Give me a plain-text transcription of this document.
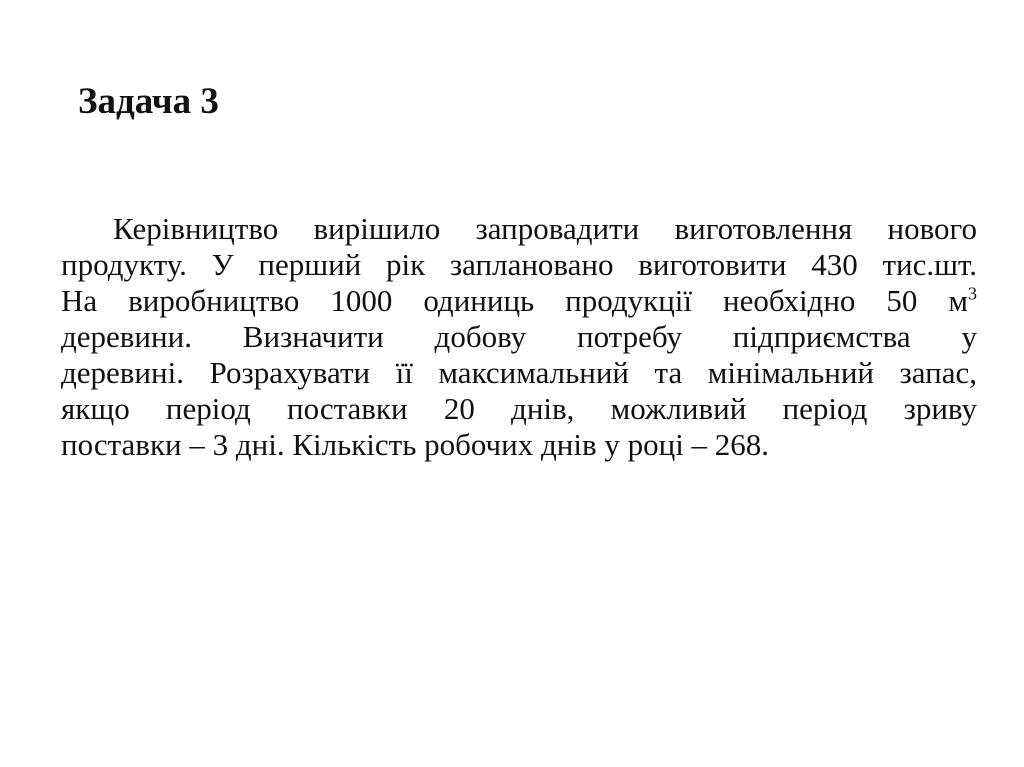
Задача 3
Керівництво вирішило запровадити виготовлення нового
продукту. У перший рік заплановано виготовити 430 тис.шт.
На виробництво 1000 одиниць продукції необхідно 50 $м^3$
деревини. Визначити добову потребу підприємства у
деревині. Розрахувати її максимальний та мінімальний запас,
якщо період поставки 20 днів, можливий період зриву
поставки – 3 дні. Кількість робочих днів у році – 268.
